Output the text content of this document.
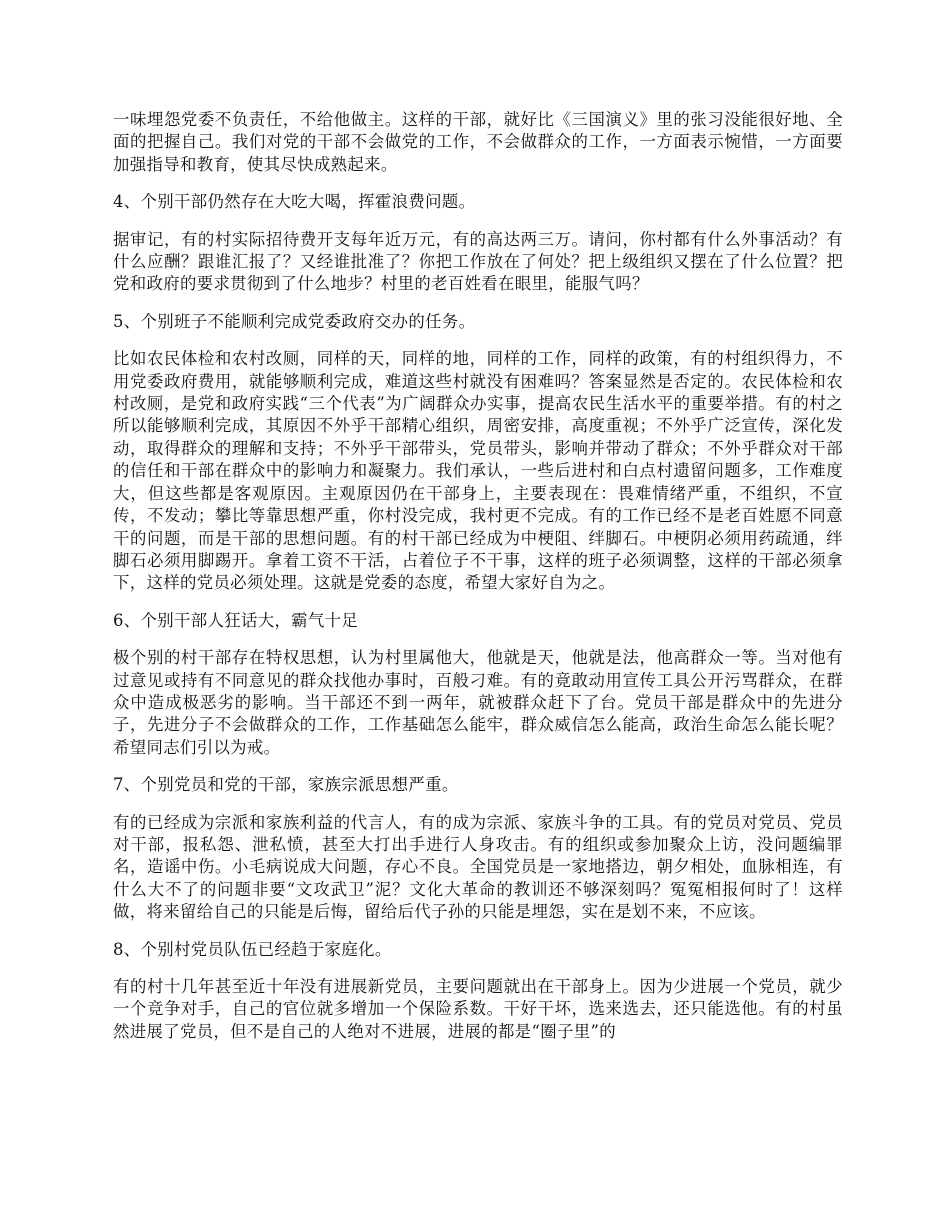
一味埋怨党委不负责任，不给他做主。这样的干部，就好比《三国演义》里的张习没能很好地、全面的把握自己。我们对党的干部不会做党的工作，不会做群众的工作，一方面表示惋惜，一方面要加强指导和教育，使其尽快成熟起来。

4、个别干部仍然存在大吃大喝，挥霍浪费问题。

据审记，有的村实际招待费开支每年近万元，有的高达两三万。请问，你村都有什么外事活动？有什么应酬？跟谁汇报了？又经谁批准了？你把工作放在了何处？把上级组织又摆在了什么位置？把党和政府的要求贯彻到了什么地步？村里的老百姓看在眼里，能服气吗？

5、个别班子不能顺利完成党委政府交办的任务。

比如农民体检和农村改厕，同样的天，同样的地，同样的工作，同样的政策，有的村组织得力，不用党委政府费用，就能够顺利完成，难道这些村就没有困难吗？答案显然是否定的。农民体检和农村改厕，是党和政府实践“三个代表”为广阔群众办实事，提高农民生活水平的重要举措。有的村之所以能够顺利完成，其原因不外乎干部精心组织，周密安排，高度重视；不外乎广泛宣传，深化发动，取得群众的理解和支持；不外乎干部带头，党员带头，影响并带动了群众；不外乎群众对干部的信任和干部在群众中的影响力和凝聚力。我们承认，一些后进村和白点村遗留问题多，工作难度大，但这些都是客观原因。主观原因仍在干部身上，主要表现在：畏难情绪严重，不组织，不宣传，不发动；攀比等靠思想严重，你村没完成，我村更不完成。有的工作已经不是老百姓愿不同意干的问题，而是干部的思想问题。有的村干部已经成为中梗阻、绊脚石。中梗阴必须用药疏通，绊脚石必须用脚踢开。拿着工资不干活，占着位子不干事，这样的班子必须调整，这样的干部必须拿下，这样的党员必须处理。这就是党委的态度，希望大家好自为之。

6、个别干部人狂话大，霸气十足

极个别的村干部存在特权思想，认为村里属他大，他就是天，他就是法，他高群众一等。当对他有过意见或持有不同意见的群众找他办事时，百般刁难。有的竟敢动用宣传工具公开污骂群众，在群众中造成极恶劣的影响。当干部还不到一两年，就被群众赶下了台。党员干部是群众中的先进分子，先进分子不会做群众的工作，工作基础怎么能牢，群众威信怎么能高，政治生命怎么能长呢？希望同志们引以为戒。

7、个别党员和党的干部，家族宗派思想严重。

有的已经成为宗派和家族利益的代言人，有的成为宗派、家族斗争的工具。有的党员对党员、党员对干部，报私怨、泄私愤，甚至大打出手进行人身攻击。有的组织或参加聚众上访，没问题编罪名，造谣中伤。小毛病说成大问题，存心不良。全国党员是一家地搭边，朝夕相处，血脉相连，有什么大不了的问题非要“文攻武卫”泥？文化大革命的教训还不够深刻吗？冤冤相报何时了！这样做，将来留给自己的只能是后悔，留给后代子孙的只能是埋怨，实在是划不来，不应该。

8、个别村党员队伍已经趋于家庭化。

有的村十几年甚至近十年没有进展新党员，主要问题就出在干部身上。因为少进展一个党员，就少一个竞争对手，自己的官位就多增加一个保险系数。干好干坏，选来选去，还只能选他。有的村虽然进展了党员，但不是自己的人绝对不进展，进展的都是“圈子里”的
